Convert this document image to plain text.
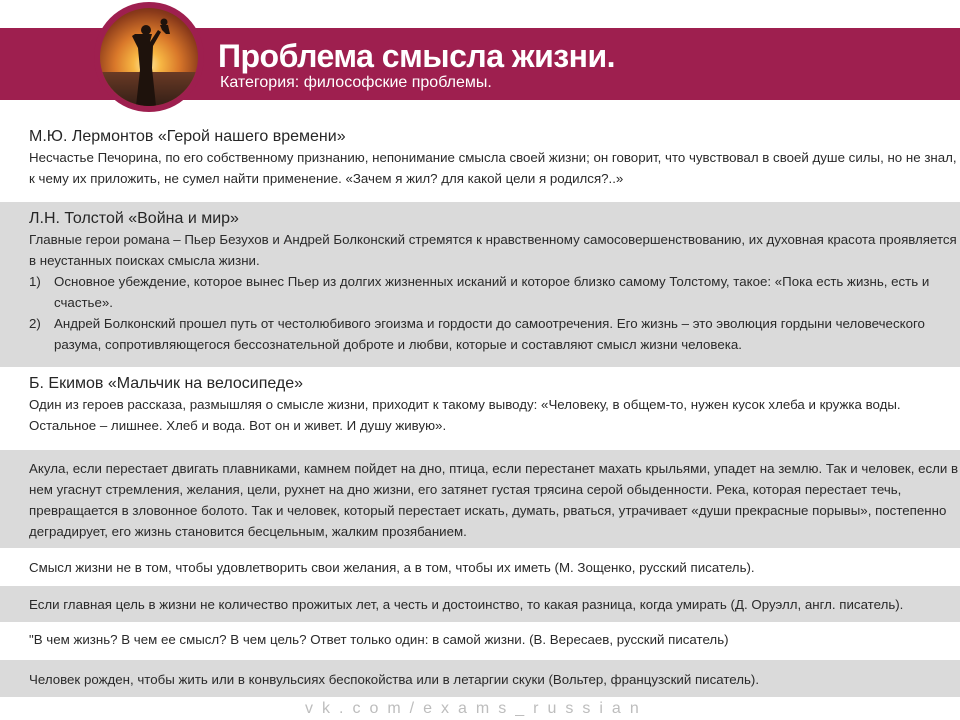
Проблема смысла жизни.
Категория: философские проблемы.
М.Ю. Лермонтов «Герой нашего времени»
Несчастье Печорина, по его собственному признанию, непонимание смысла своей жизни; он говорит, что чувствовал в своей душе силы, но не знал, к чему их приложить, не сумел найти применение. «Зачем я жил? для какой цели я родился?..»
Л.Н. Толстой «Война и мир»
Главные герои романа – Пьер Безухов и Андрей Болконский стремятся к нравственному самосовершенствованию, их духовная красота проявляется в неустанных поисках смысла жизни.
1) Основное убеждение, которое вынес Пьер из долгих жизненных исканий и которое близко самому Толстому, такое: «Пока есть жизнь, есть и счастье».
2) Андрей Болконский прошел путь от честолюбивого эгоизма и гордости до самоотречения. Его жизнь – это эволюция гордыни человеческого разума, сопротивляющегося бессознательной доброте и любви, которые и составляют смысл жизни человека.
Б. Екимов «Мальчик на велосипеде»
Один из героев рассказа, размышляя о смысле жизни, приходит к такому выводу: «Человеку, в общем-то, нужен кусок хлеба и кружка воды. Остальное – лишнее. Хлеб и вода. Вот он и живет. И душу живую».
Акула, если перестает двигать плавниками, камнем пойдет на дно, птица, если перестанет махать крыльями, упадет на землю. Так и человек, если в нем угаснут стремления, желания, цели, рухнет на дно жизни, его затянет густая трясина серой обыденности. Река, которая перестает течь, превращается в зловонное болото. Так и человек, который перестает искать, думать, рваться, утрачивает «души прекрасные порывы», постепенно деградирует, его жизнь становится бесцельным, жалким прозябанием.
Смысл жизни не в том, чтобы удовлетворить свои желания, а в том, чтобы их иметь (М. Зощенко, русский писатель).
Если главная цель в жизни не количество прожитых лет, а честь и достоинство, то какая разница, когда умирать (Д. Оруэлл, англ. писатель).
"В чем жизнь? В чем ее смысл? В чем цель? Ответ только один: в самой жизни. (В. Вересаев, русский писатель)
Человек рожден, чтобы жить или в конвульсиях беспокойства или в летаргии скуки (Вольтер, французский писатель).
vk.com/exams_russian
